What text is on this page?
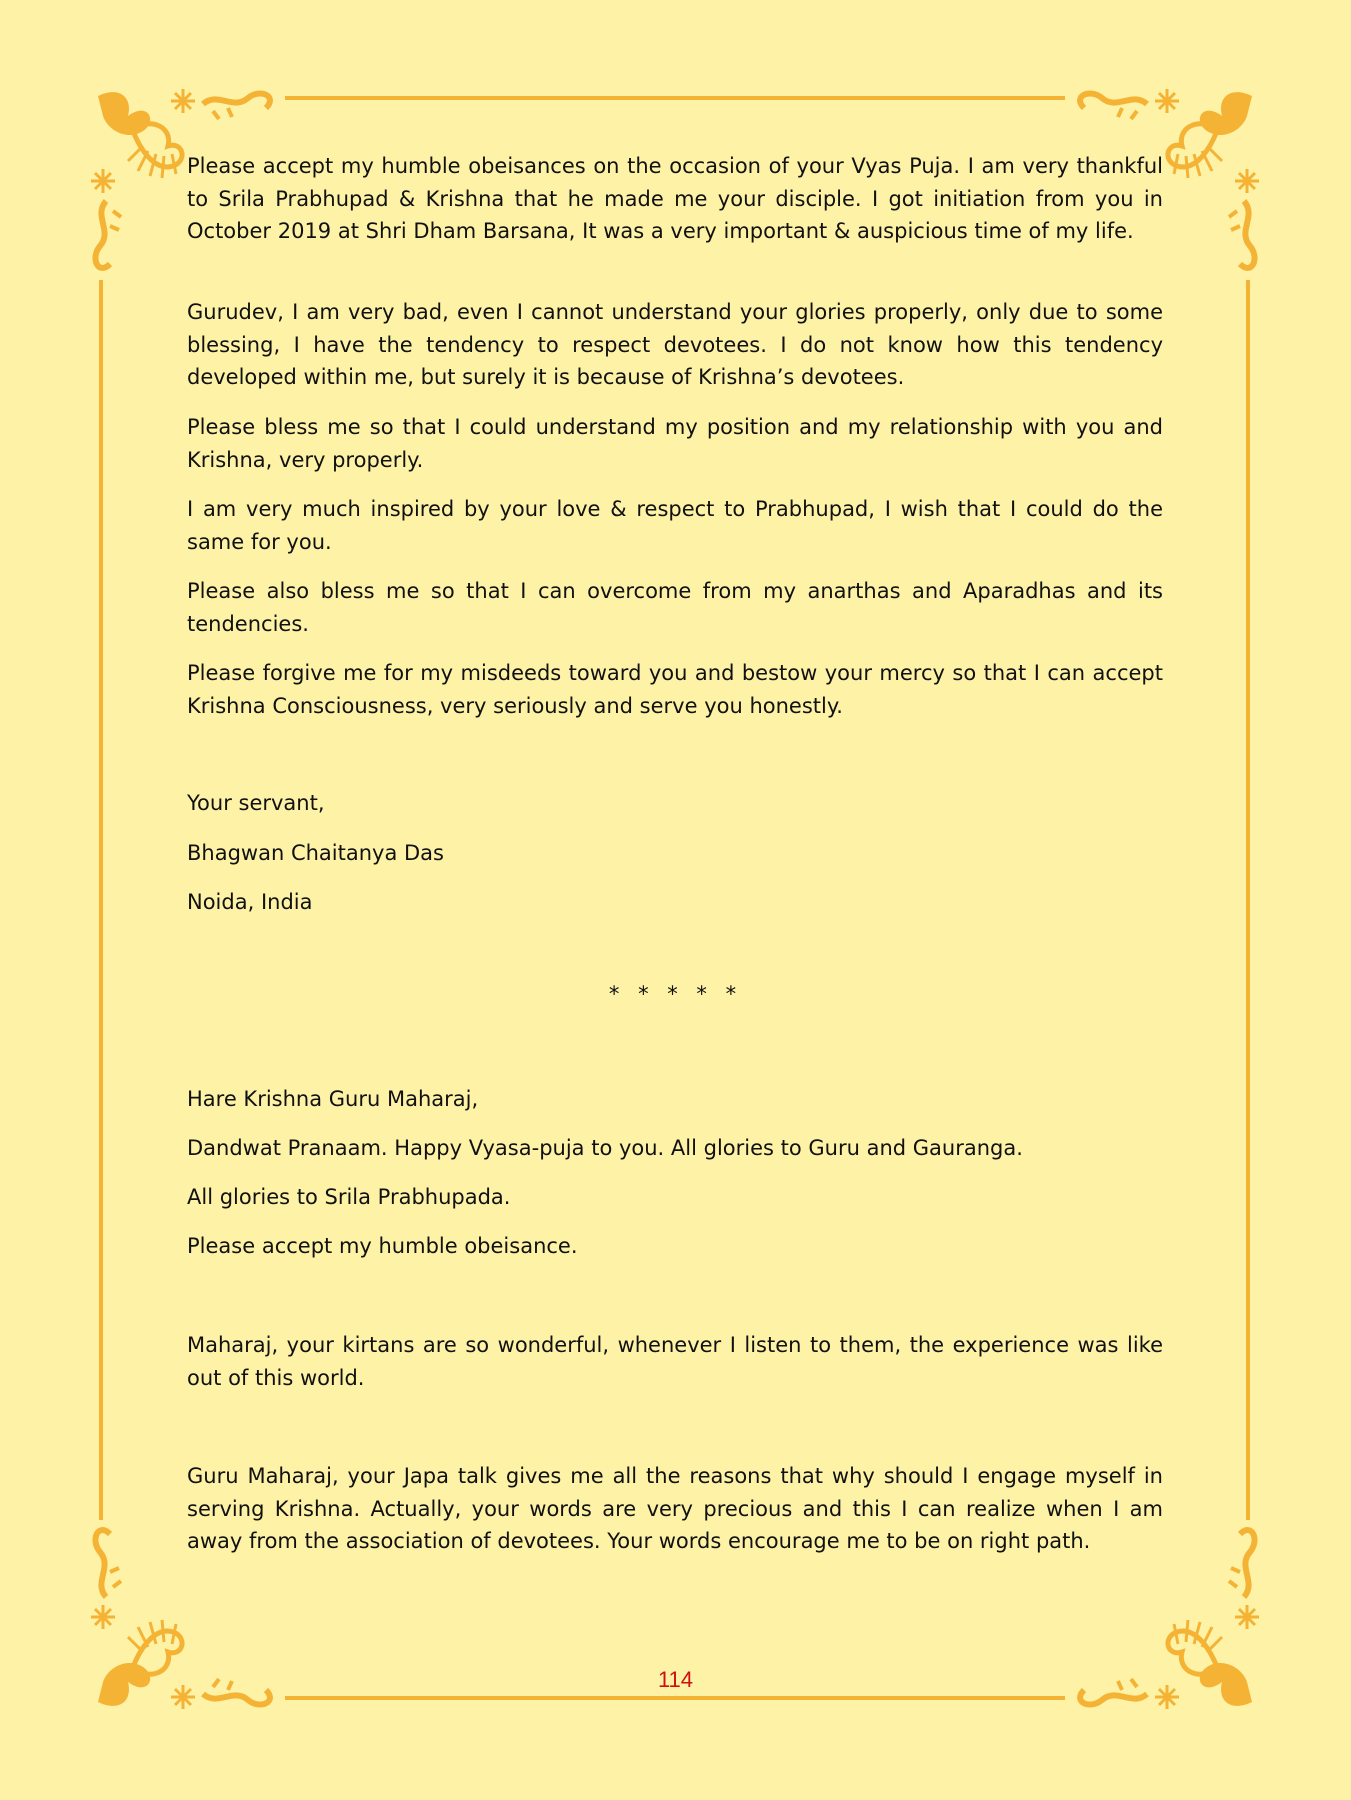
Please accept my humble obeisances on the occasion of your Vyas Puja. I am very thankful to Srila Prabhupad & Krishna that he made me your disciple. I got initiation from you in October 2019 at Shri Dham Barsana, It was a very important & auspicious time of my life.

Gurudev, I am very bad, even I cannot understand your glories properly, only due to some blessing, I have the tendency to respect devotees. I do not know how this tendency developed within me, but surely it is because of Krishna’s devotees.

Please bless me so that I could understand my position and my relationship with you and Krishna, very properly.

I am very much inspired by your love & respect to Prabhupad, I wish that I could do the same for you.

Please also bless me so that I can overcome from my anarthas and Aparadhas and its tendencies.

Please forgive me for my misdeeds toward you and bestow your mercy so that I can accept Krishna Consciousness, very seriously and serve you honestly.

Your servant,

Bhagwan Chaitanya Das

Noida, India

* * * * *

Hare Krishna Guru Maharaj,

Dandwat Pranaam. Happy Vyasa-puja to you. All glories to Guru and Gauranga.

All glories to Srila Prabhupada.

Please accept my humble obeisance.

Maharaj, your kirtans are so wonderful, whenever I listen to them, the experience was like out of this world.

Guru Maharaj, your Japa talk gives me all the reasons that why should I engage myself in serving Krishna. Actually, your words are very precious and this I can realize when I am away from the association of devotees. Your words encourage me to be on right path.

114
